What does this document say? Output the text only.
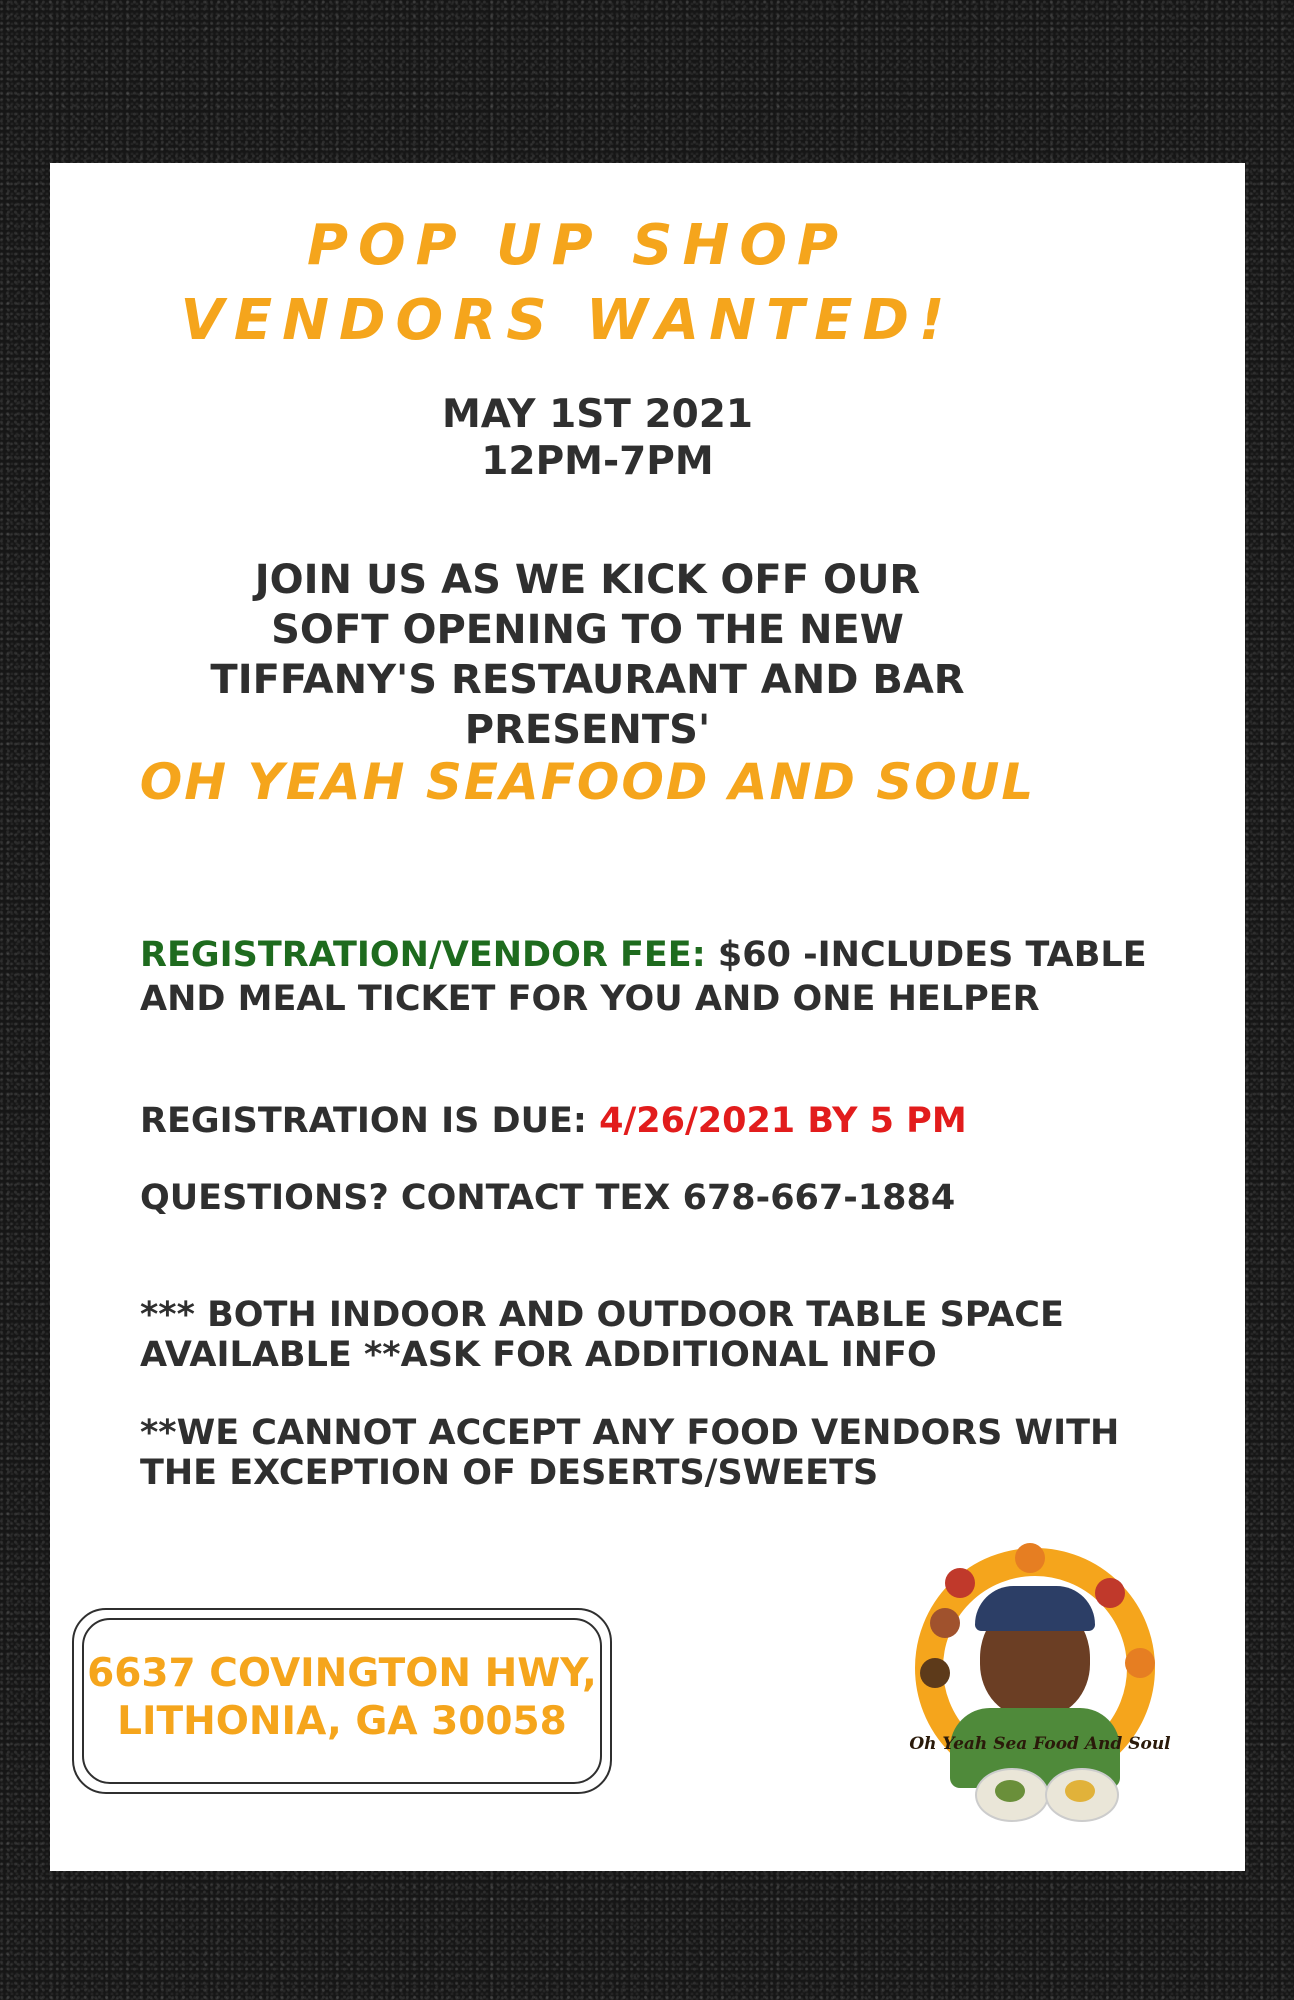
POP UP SHOP
VENDORS WANTED!
MAY 1ST 2021
12PM-7PM
JOIN US AS WE KICK OFF OUR SOFT OPENING TO THE NEW TIFFANY'S RESTAURANT AND BAR PRESENTS'
OH YEAH SEAFOOD AND SOUL
REGISTRATION/VENDOR FEE: $60 -INCLUDES TABLE AND MEAL TICKET FOR YOU AND ONE HELPER
REGISTRATION IS DUE: 4/26/2021 BY 5 PM
QUESTIONS? CONTACT TEX 678-667-1884
*** BOTH INDOOR AND OUTDOOR TABLE SPACE AVAILABLE **ASK FOR ADDITIONAL INFO
**WE CANNOT ACCEPT ANY FOOD VENDORS WITH THE EXCEPTION OF DESERTS/SWEETS
6637 COVINGTON HWY,
LITHONIA, GA 30058	Oh Yeah Sea Food And Soul
